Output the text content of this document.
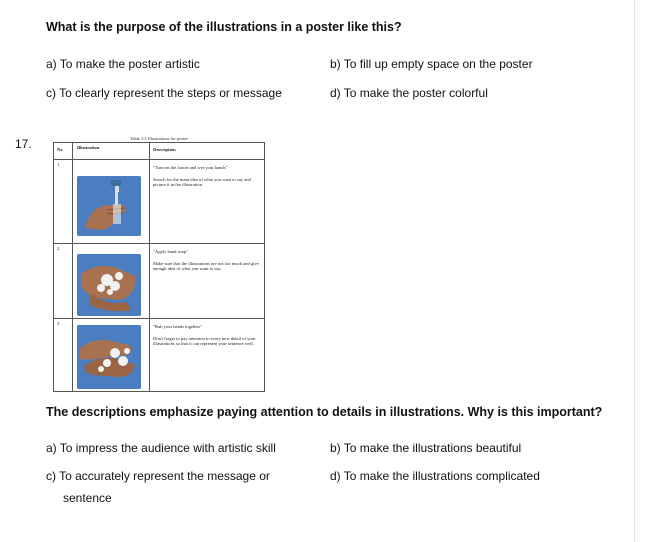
What is the purpose of the illustrations in a poster like this?
a) To make the poster artistic	b) To fill up empty space on the poster
c) To clearly represent the steps or message	d) To make the poster colorful
17.	Table 3.5 Illustrations for poster
No	Illustration	Description
1		"Turn on the faucet and wet your hands"
Search for the main idea of what you want to say and picture it in the illustration.

2		"Apply hand soap"
Make sure that the illustrations are not too much and give enough idea of what you want to say.

3		"Rub your hands together"
Don't forget to pay attention to every new detail of your illustrations so that it can represent your sentence well.
The descriptions emphasize paying attention to details in illustrations. Why is this important?
a) To impress the audience with artistic skill	b) To make the illustrations beautiful
c) To accurately represent the message or
sentence
d) To make the illustrations complicated
